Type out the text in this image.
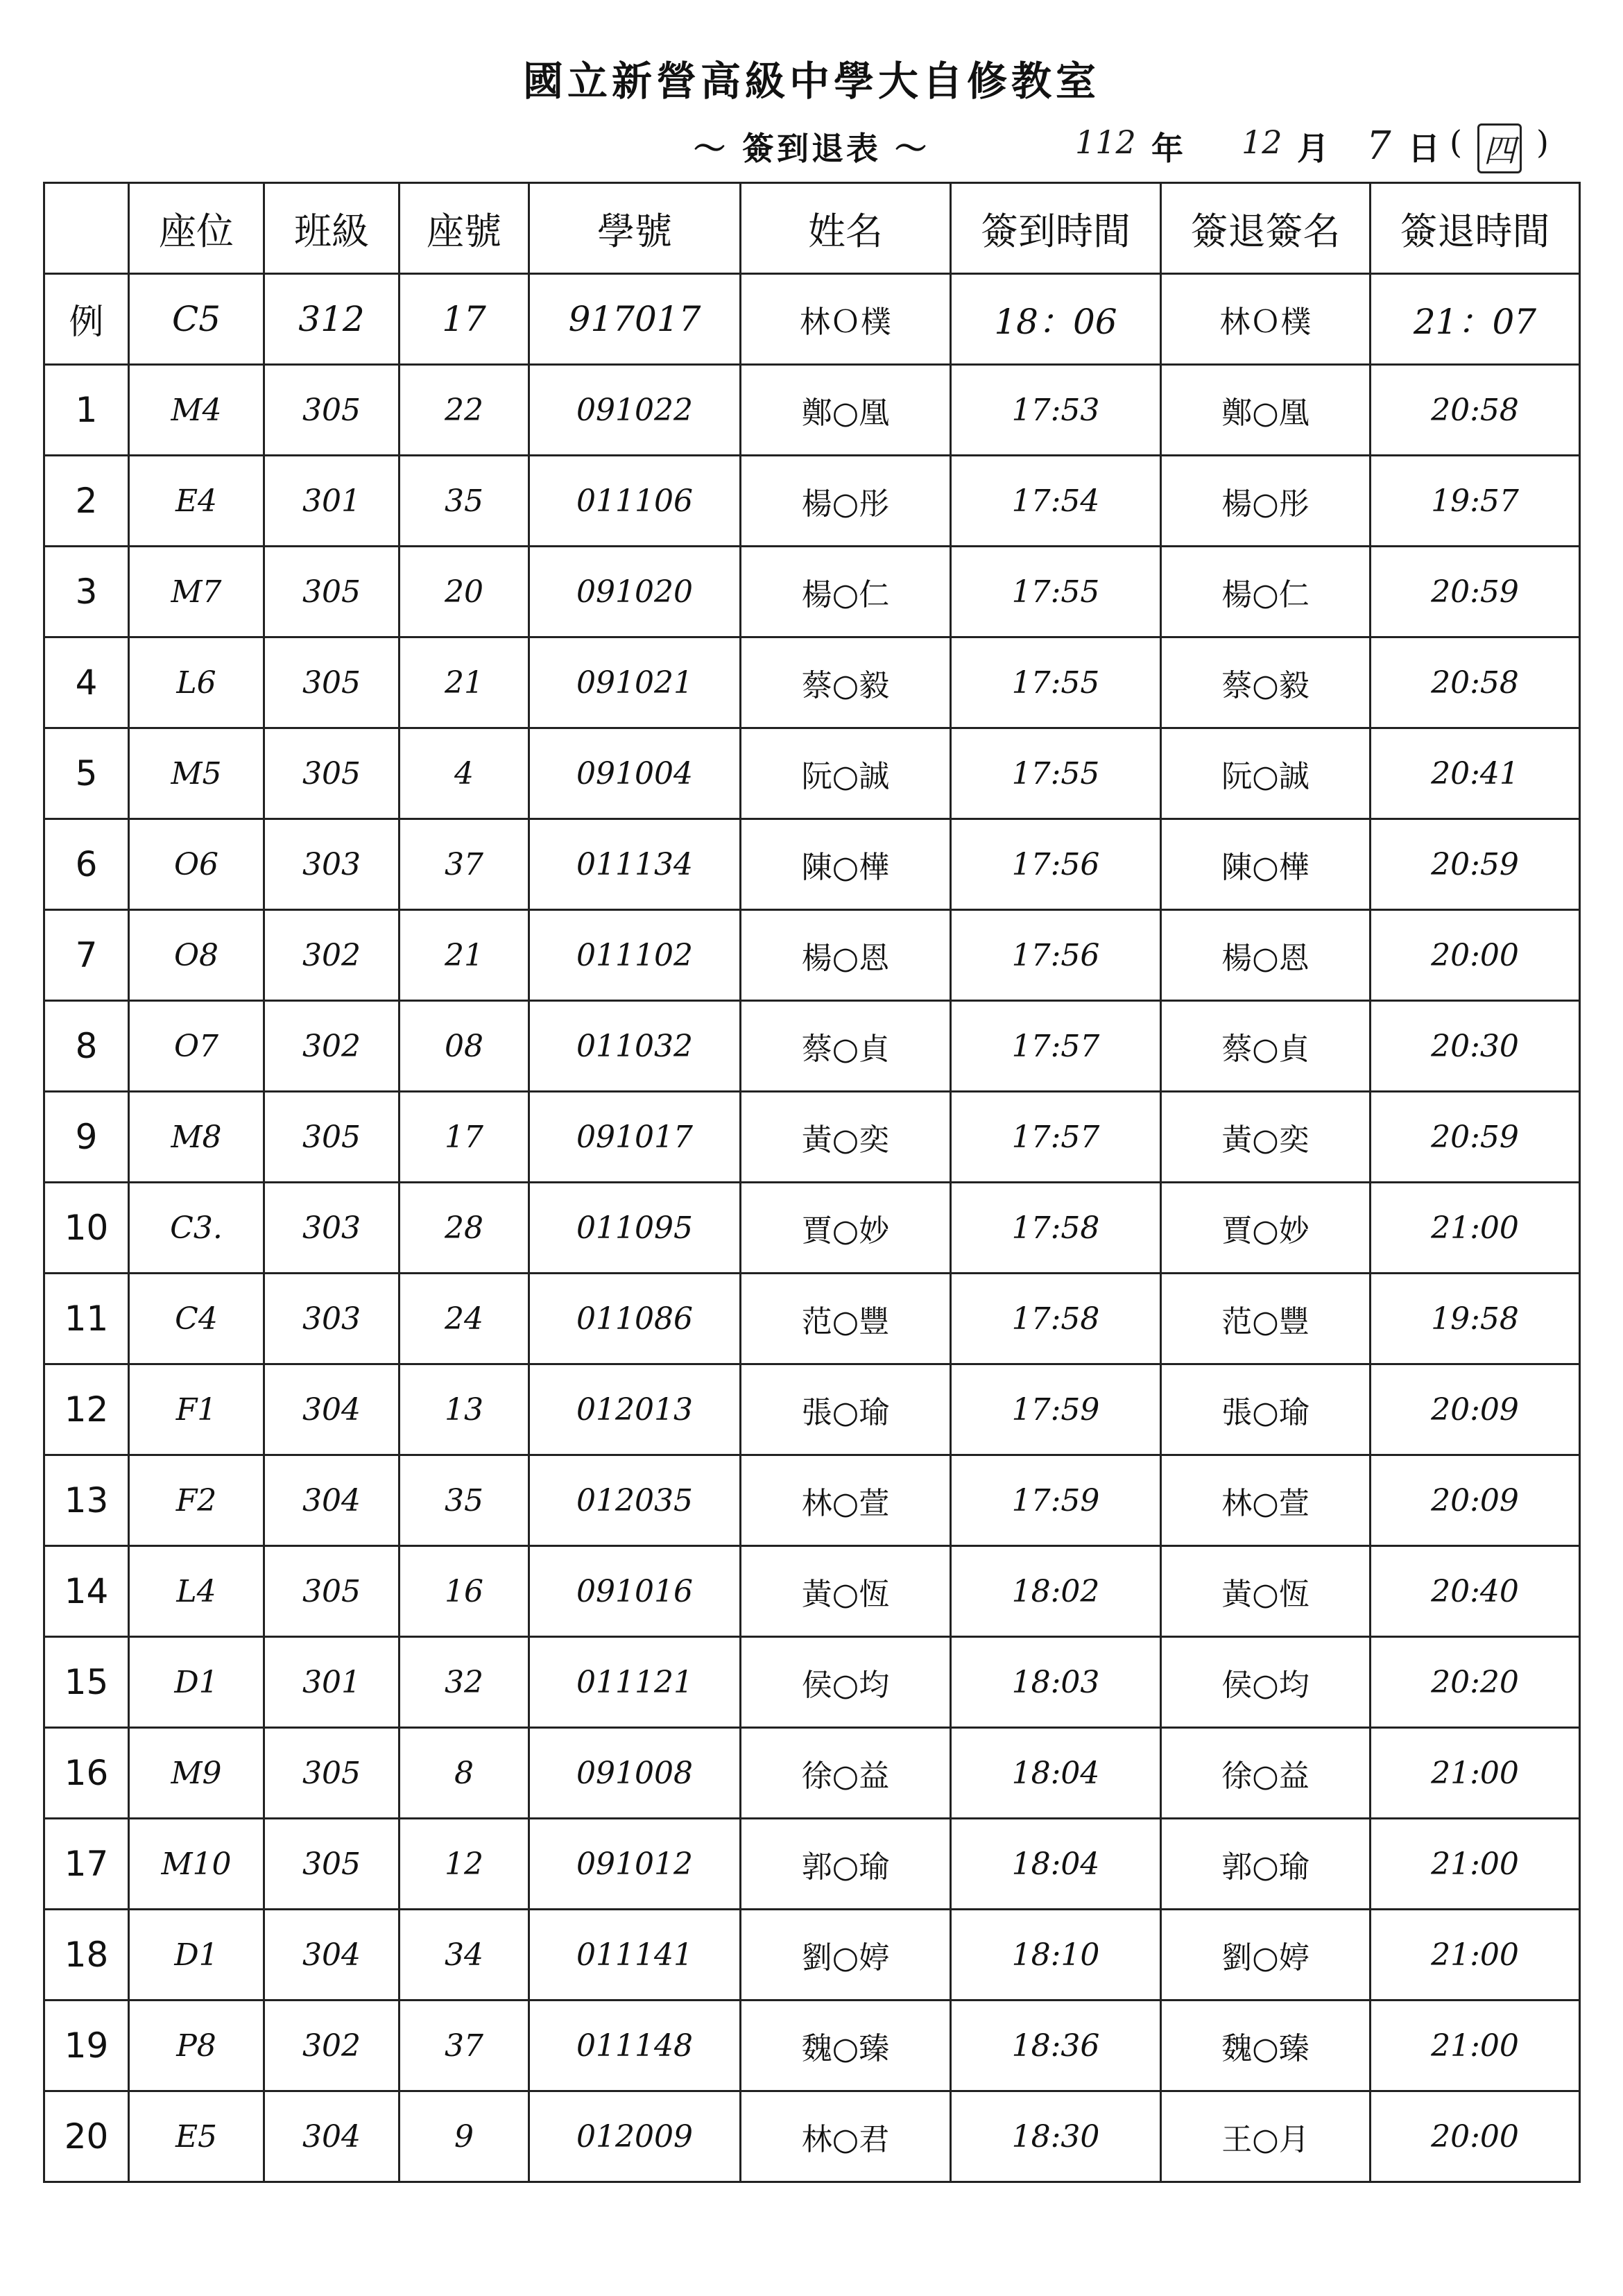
國立新營高級中學大自修教室
～ 簽到退表 ～	112 年 12 月 7 日 ( 四 )
	座位	班級	座號	學號	姓名	簽到時間	簽退簽名	簽退時間
例	C5	312	17	917017	林Ｏ樸	18：06	林Ｏ樸	21：07
1	M4	305	22	091022	鄭○凰	17:53	鄭○凰	20:58
2	E4	301	35	011106	楊○彤	17:54	楊○彤	19:57
3	M7	305	20	091020	楊○仁	17:55	楊○仁	20:59
4	L6	305	21	091021	蔡○毅	17:55	蔡○毅	20:58
5	M5	305	4	091004	阮○誠	17:55	阮○誠	20:41
6	O6	303	37	011134	陳○樺	17:56	陳○樺	20:59
7	O8	302	21	011102	楊○恩	17:56	楊○恩	20:00
8	O7	302	08	011032	蔡○貞	17:57	蔡○貞	20:30
9	M8	305	17	091017	黃○奕	17:57	黃○奕	20:59
10	C3.	303	28	011095	賈○妙	17:58	賈○妙	21:00
11	C4	303	24	011086	范○豐	17:58	范○豐	19:58
12	F1	304	13	012013	張○瑜	17:59	張○瑜	20:09
13	F2	304	35	012035	林○萱	17:59	林○萱	20:09
14	L4	305	16	091016	黃○恆	18:02	黃○恆	20:40
15	D1	301	32	011121	侯○均	18:03	侯○均	20:20
16	M9	305	8	091008	徐○益	18:04	徐○益	21:00
17	M10	305	12	091012	郭○瑜	18:04	郭○瑜	21:00
18	D1	304	34	011141	劉○婷	18:10	劉○婷	21:00
19	P8	302	37	011148	魏○臻	18:36	魏○臻	21:00
20	E5	304	9	012009	林○君	18:30	王○月	20:00
